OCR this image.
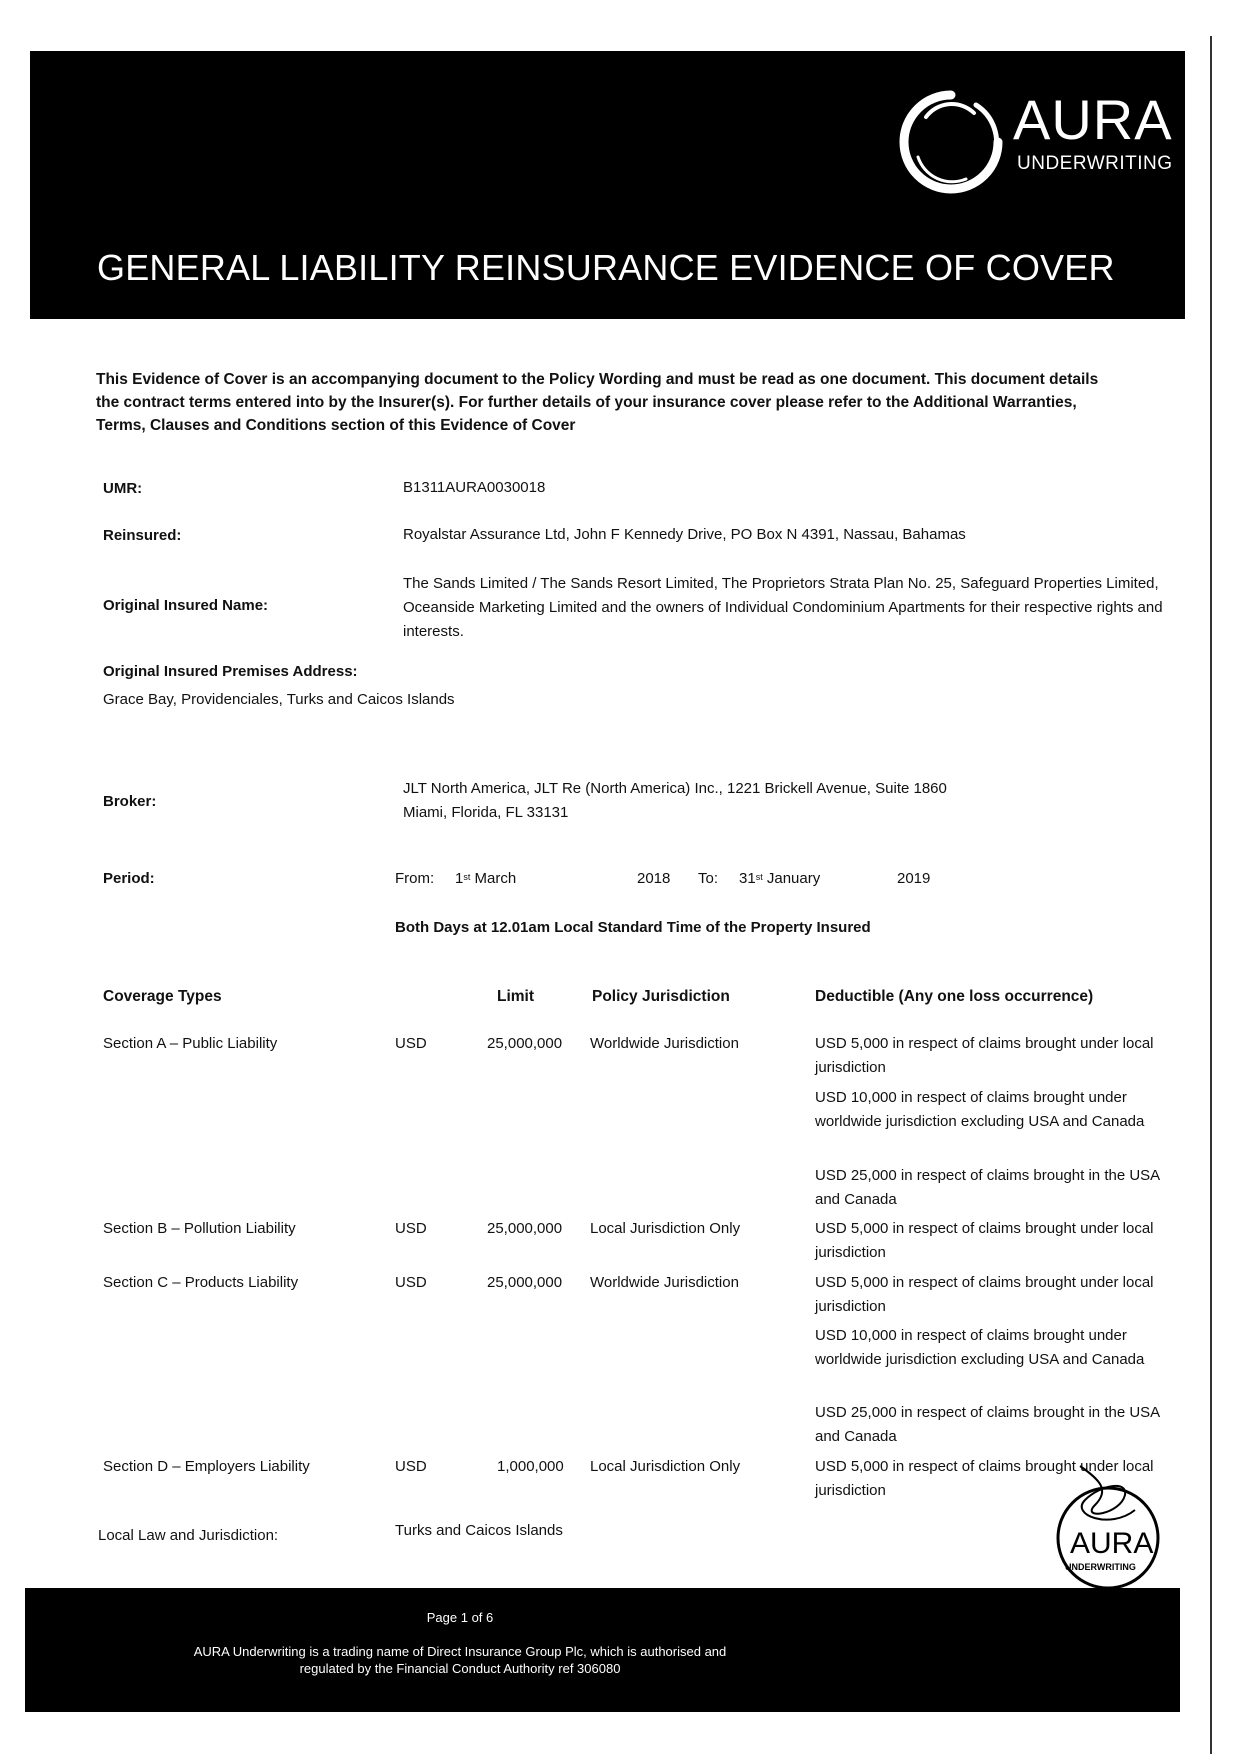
AURA
UNDERWRITING
GENERAL LIABILITY REINSURANCE EVIDENCE OF COVER

This Evidence of Cover is an accompanying document to the Policy Wording and must be read as one document. This document details the contract terms entered into by the Insurer(s). For further details of your insurance cover please refer to the Additional Warranties, Terms, Clauses and Conditions section of this Evidence of Cover

UMR:	B1311AURA0030018
Reinsured:	Royalstar Assurance Ltd, John F Kennedy Drive, PO Box N 4391, Nassau, Bahamas
Original Insured Name:
The Sands Limited / The Sands Resort Limited, The Proprietors Strata Plan No. 25, Safeguard Properties Limited, Oceanside Marketing Limited and the owners of Individual Condominium Apartments for their respective rights and interests.
Original Insured Premises Address:
Grace Bay, Providenciales, Turks and Caicos Islands
Broker:
JLT North America, JLT Re (North America) Inc., 1221 Brickell Avenue, Suite 1860
Miami, Florida, FL 33131
Period:	From: 1st March	2018 To: 31st January	2019
Both Days at 12.01am Local Standard Time of the Property Insured
Coverage Types	Limit	Policy Jurisdiction	Deductible (Any one loss occurrence)
Section A – Public Liability	USD	25,000,000 Worldwide Jurisdiction	USD 5,000 in respect of claims brought under local jurisdiction
USD 10,000 in respect of claims brought under worldwide jurisdiction excluding USA and Canada
USD 25,000 in respect of claims brought in the USA and Canada
Section B – Pollution Liability	USD	25,000,000 Local Jurisdiction Only	USD 5,000 in respect of claims brought under local jurisdiction
Section C – Products Liability	USD	25,000,000 Worldwide Jurisdiction	USD 5,000 in respect of claims brought under local jurisdiction
USD 10,000 in respect of claims brought under worldwide jurisdiction excluding USA and Canada
USD 25,000 in respect of claims brought in the USA and Canada
Section D – Employers Liability	USD	1,000,000 Local Jurisdiction Only	USD 5,000 in respect of claims brought under local jurisdiction
Local Law and Jurisdiction:	Turks and Caicos Islands	AURA
UNDERWRITING
Page 1 of 6
AURA Underwriting is a trading name of Direct Insurance Group Plc, which is authorised and
regulated by the Financial Conduct Authority ref 306080
